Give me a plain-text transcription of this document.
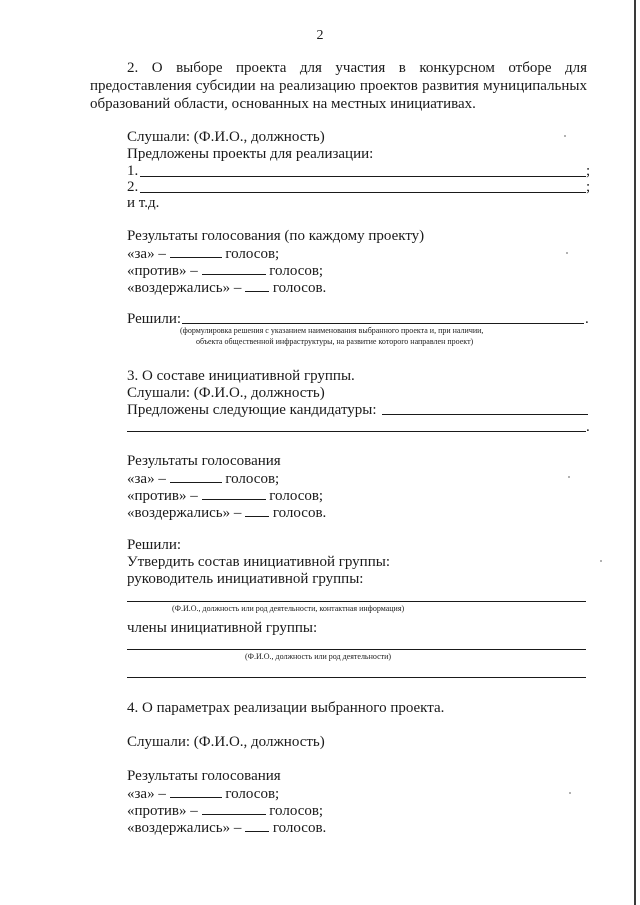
2
2. О выборе проекта для участия в конкурсном отборе для
предоставления субсидии на реализацию проектов развития муниципальных
образований области, основанных на местных инициативах.
Слушали: (Ф.И.О., должность)
Предложены проекты для реализации:
1.	;
2.	;
и т.д.
Результаты голосования (по каждому проекту)
«за» –	голосов;
«против» –	голосов;
«воздержались» – голосов.
Решили:	.
(формулировка решения с указанием наименования выбранного проекта и, при наличии,
объекта общественной инфраструктуры, на развитие которого направлен проект)
3. О составе инициативной группы.
Слушали: (Ф.И.О., должность)
Предложены следующие кандидатуры:
.
Результаты голосования
«за» –	голосов;
«против» –	голосов;
«воздержались» – голосов.
Решили:
Утвердить состав инициативной группы:
руководитель инициативной группы:
(Ф.И.О., должность или род деятельности, контактная информация)
члены инициативной группы:
(Ф.И.О., должность или род деятельности)
4. О параметрах реализации выбранного проекта.
Слушали: (Ф.И.О., должность)
Результаты голосования
«за» –	голосов;
«против» –	голосов;
«воздержались» – голосов.
